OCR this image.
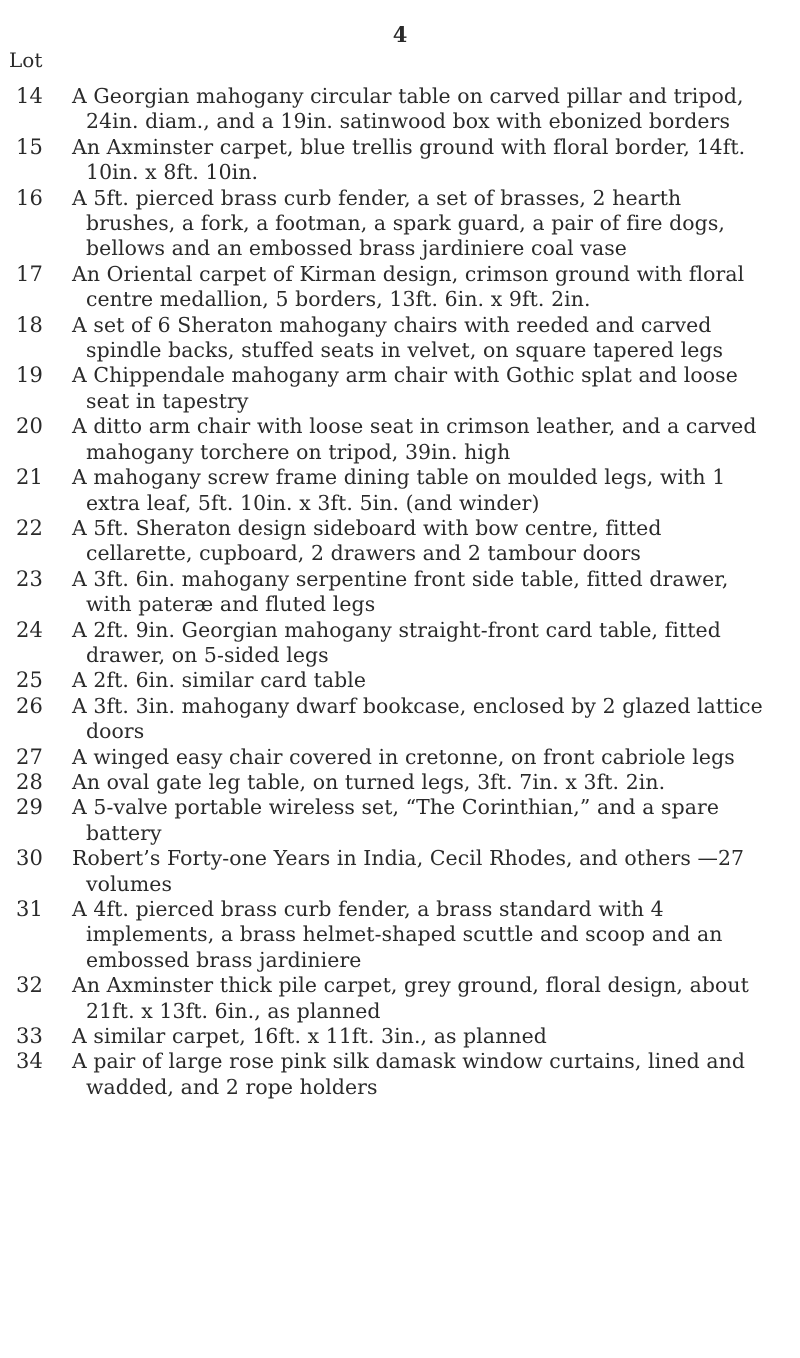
4
Lot
14	A Georgian mahogany circular table on carved pillar and tripod, 24in. diam., and a 19in. satinwood box with ebonized borders
15	An Axminster carpet, blue trellis ground with floral border, 14ft. 10in. x 8ft. 10in.
16	A 5ft. pierced brass curb fender, a set of brasses, 2 hearth brushes, a fork, a footman, a spark guard, a pair of fire dogs, bellows and an embossed brass jardiniere coal vase
17	An Oriental carpet of Kirman design, crimson ground with floral centre medallion, 5 borders, 13ft. 6in. x 9ft. 2in.
18	A set of 6 Sheraton mahogany chairs with reeded and carved spindle backs, stuffed seats in velvet, on square tapered legs
19	A Chippendale mahogany arm chair with Gothic splat and loose seat in tapestry
20	A ditto arm chair with loose seat in crimson leather, and a carved mahogany torchere on tripod, 39in. high
21	A mahogany screw frame dining table on moulded legs, with 1 extra leaf, 5ft. 10in. x 3ft. 5in. (and winder)
22	A 5ft. Sheraton design sideboard with bow centre, fitted cellarette, cupboard, 2 drawers and 2 tambour doors
23	A 3ft. 6in. mahogany serpentine front side table, fitted drawer, with pateræ and fluted legs
24	A 2ft. 9in. Georgian mahogany straight-front card table, fitted drawer, on 5-sided legs
25	A 2ft. 6in. similar card table
26	A 3ft. 3in. mahogany dwarf bookcase, enclosed by 2 glazed lattice doors
27	A winged easy chair covered in cretonne, on front cabriole legs
28	An oval gate leg table, on turned legs, 3ft. 7in. x 3ft. 2in.
29	A 5-valve portable wireless set, “The Corinthian,” and a spare battery
30	Robert’s Forty-one Years in India, Cecil Rhodes, and others —27 volumes
31	A 4ft. pierced brass curb fender, a brass standard with 4 implements, a brass helmet-shaped scuttle and scoop and an embossed brass jardiniere
32	An Axminster thick pile carpet, grey ground, floral design, about 21ft. x 13ft. 6in., as planned
33	A similar carpet, 16ft. x 11ft. 3in., as planned
34	A pair of large rose pink silk damask window curtains, lined and wadded, and 2 rope holders
